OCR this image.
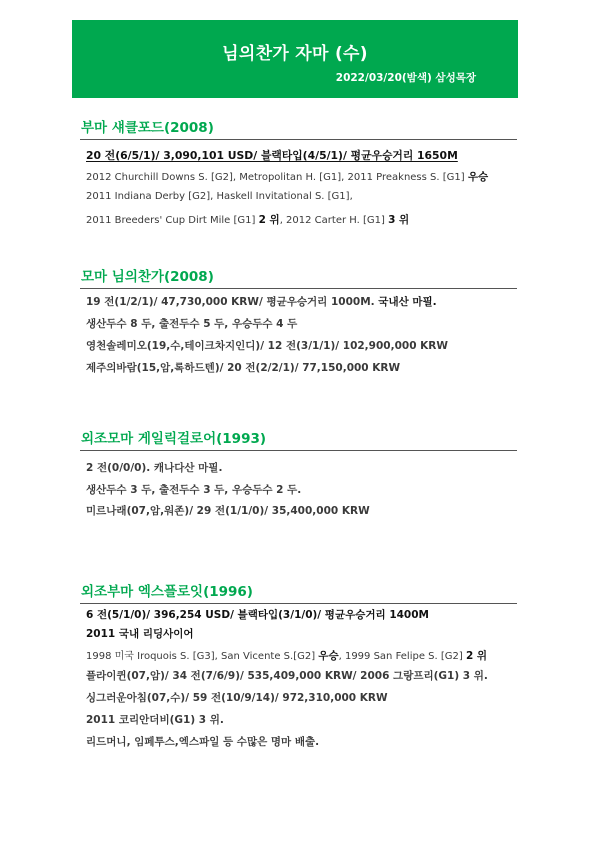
님의찬가 자마 (수)
2022/03/20(밤색) 삼성목장
부마 섀클포드(2008)
20 전(6/5/1)/ 3,090,101 USD/ 블랙타입(4/5/1)/ 평균우승거리 1650M
2012 Churchill Downs S. [G2], Metropolitan H. [G1], 2011 Preakness S. [G1] 우승
2011 Indiana Derby [G2], Haskell Invitational S. [G1],
2011 Breeders' Cup Dirt Mile [G1] 2 위, 2012 Carter H. [G1] 3 위
모마 님의찬가(2008)
19 전(1/2/1)/ 47,730,000 KRW/ 평균우승거리 1000M. 국내산 마필.
생산두수 8 두, 출전두수 5 두, 우승두수 4 두
영천솔레미오(19,수,테이크차지인디)/ 12 전(3/1/1)/ 102,900,000 KRW
제주의바람(15,암,록하드텐)/ 20 전(2/2/1)/ 77,150,000 KRW
외조모마 게일릭걸로어(1993)
2 전(0/0/0). 캐나다산 마필.
생산두수 3 두, 출전두수 3 두, 우승두수 2 두.
미르나래(07,암,워존)/ 29 전(1/1/0)/ 35,400,000 KRW
외조부마 엑스플로잇(1996)
6 전(5/1/0)/ 396,254 USD/ 블랙타입(3/1/0)/ 평균우승거리 1400M
2011 국내 리딩사이어
1998 미국 Iroquois S. [G3], San Vicente S.[G2] 우승, 1999 San Felipe S. [G2] 2 위
플라이퀸(07,암)/ 34 전(7/6/9)/ 535,409,000 KRW/ 2006 그랑프리(G1) 3 위.
싱그러운아침(07,수)/ 59 전(10/9/14)/ 972,310,000 KRW
2011 코리안더비(G1) 3 위.
리드머니, 임페투스,엑스파일 등 수많은 명마 배출.
